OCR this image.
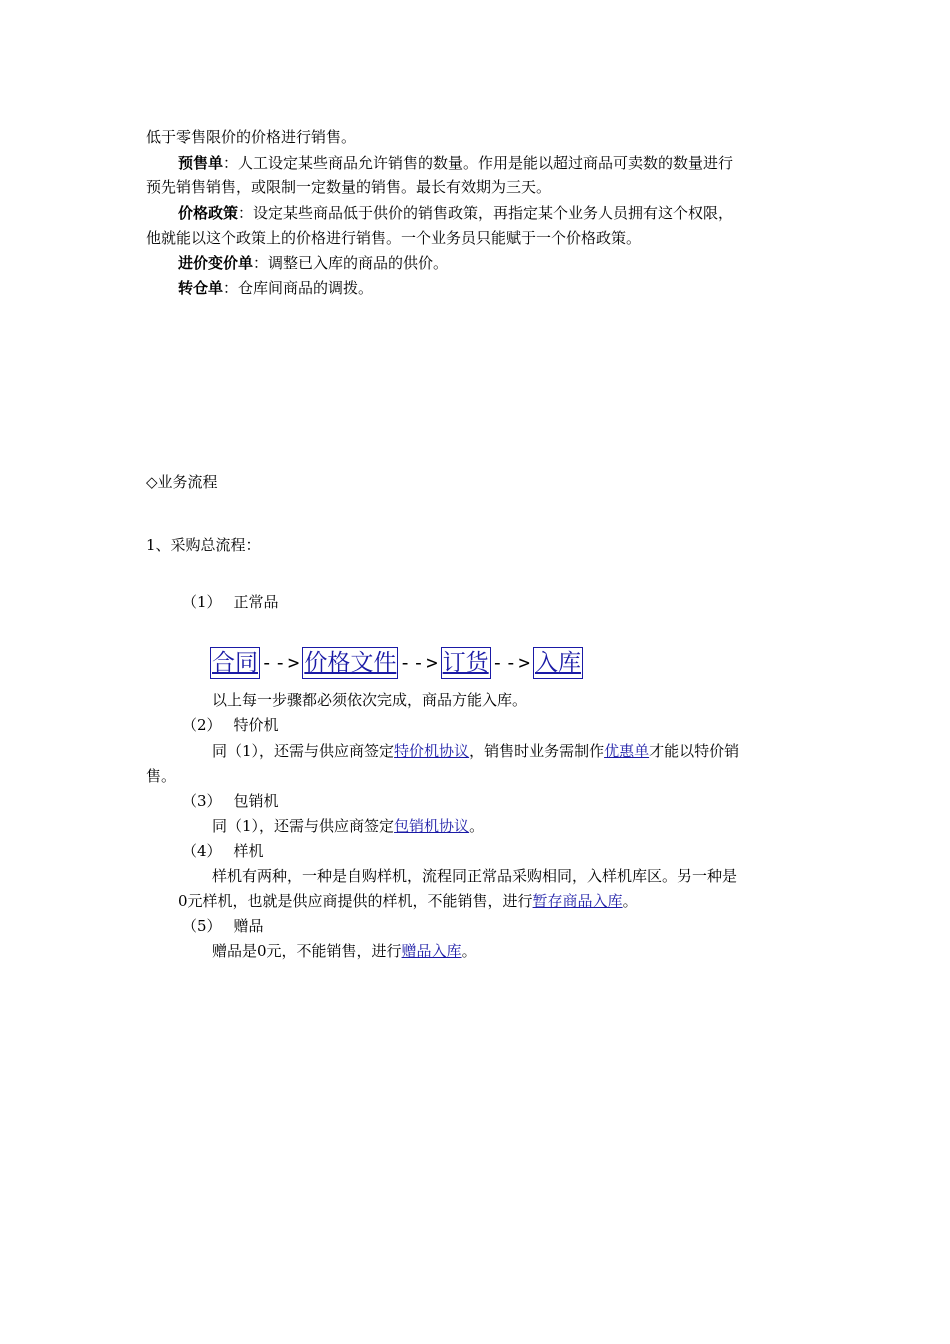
低于零售限价的价格进行销售。
预售单：人工设定某些商品允许销售的数量。作用是能以超过商品可卖数的数量进行
预先销售销售，或限制一定数量的销售。最长有效期为三天。
价格政策：设定某些商品低于供价的销售政策，再指定某个业务人员拥有这个权限，
他就能以这个政策上的价格进行销售。一个业务员只能赋于一个价格政策。
进价变价单：调整已入库的商品的供价。
转仓单：仓库间商品的调拨。
◇业务流程
1、采购总流程：
（1） 正常品
合同 --> 价格文件 --> 订货 --> 入库
以上每一步骤都必须依次完成，商品方能入库。
（2） 特价机
同（1），还需与供应商签定特价机协议，销售时业务需制作优惠单才能以特价销
售。
（3） 包销机
同（1），还需与供应商签定包销机协议。
（4） 样机
样机有两种，一种是自购样机，流程同正常品采购相同，入样机库区。另一种是
0元样机，也就是供应商提供的样机，不能销售，进行暂存商品入库。
（5） 赠品
赠品是0元，不能销售，进行赠品入库。
